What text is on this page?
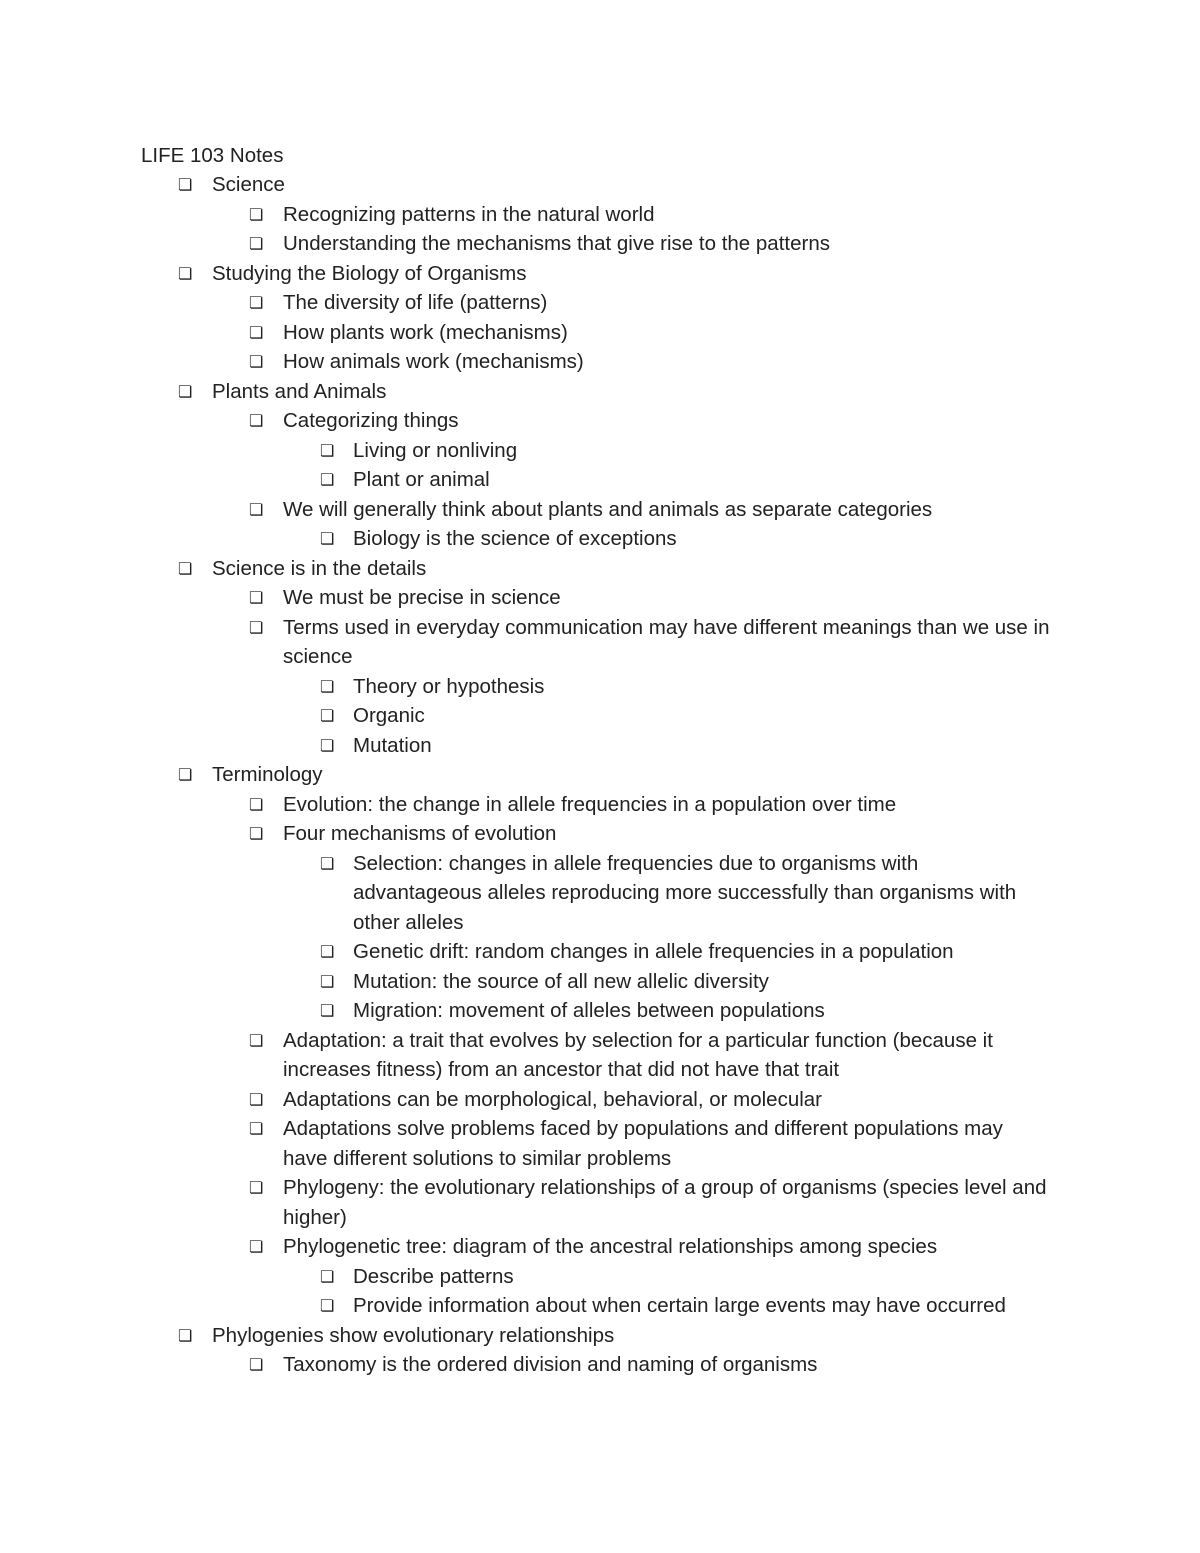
LIFE 103 Notes
❏ Science
❏ Recognizing patterns in the natural world
❏ Understanding the mechanisms that give rise to the patterns
❏ Studying the Biology of Organisms
❏ The diversity of life (patterns)
❏ How plants work (mechanisms)
❏ How animals work (mechanisms)
❏ Plants and Animals
❏ Categorizing things
❏ Living or nonliving
❏ Plant or animal
❏ We will generally think about plants and animals as separate categories
❏ Biology is the science of exceptions
❏ Science is in the details
❏ We must be precise in science
❏ Terms used in everyday communication may have different meanings than we use in science
❏ Theory or hypothesis
❏ Organic
❏ Mutation
❏ Terminology
❏ Evolution: the change in allele frequencies in a population over time
❏ Four mechanisms of evolution
❏ Selection: changes in allele frequencies due to organisms with advantageous alleles reproducing more successfully than organisms with other alleles
❏ Genetic drift: random changes in allele frequencies in a population
❏ Mutation: the source of all new allelic diversity
❏ Migration: movement of alleles between populations
❏ Adaptation: a trait that evolves by selection for a particular function (because it increases fitness) from an ancestor that did not have that trait
❏ Adaptations can be morphological, behavioral, or molecular
❏ Adaptations solve problems faced by populations and different populations may have different solutions to similar problems
❏ Phylogeny: the evolutionary relationships of a group of organisms (species level and higher)
❏ Phylogenetic tree: diagram of the ancestral relationships among species
❏ Describe patterns
❏ Provide information about when certain large events may have occurred
❏ Phylogenies show evolutionary relationships
❏ Taxonomy is the ordered division and naming of organisms
